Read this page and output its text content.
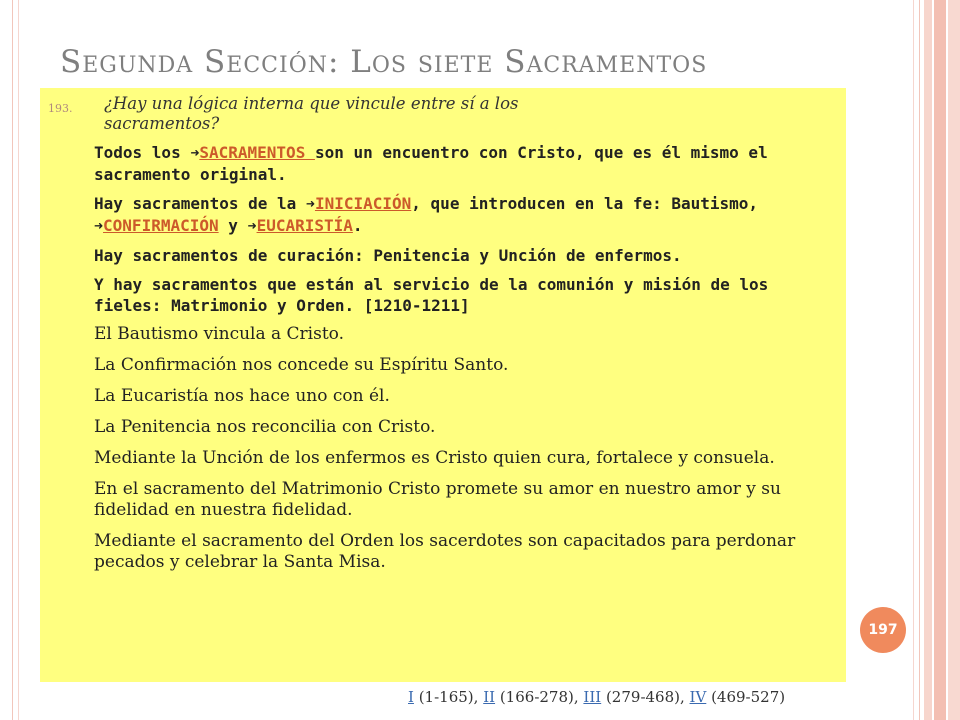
Segunda Sección: Los siete Sacramentos
193. ¿Hay una lógica interna que vincule entre sí a los
sacramentos?

Todos los ➜SACRAMENTOS son un encuentro con Cristo, que es él mismo el sacramento original.

Hay sacramentos de la ➜INICIACIÓN, que introducen en la fe: Bautismo, ➜CONFIRMACIÓN y ➜EUCARISTÍA.

Hay sacramentos de curación: Penitencia y Unción de enfermos.

Y hay sacramentos que están al servicio de la comunión y misión de los fieles: Matrimonio y Orden. [1210-1211]

El Bautismo vincula a Cristo.

La Confirmación nos concede su Espíritu Santo.

La Eucaristía nos hace uno con él.

La Penitencia nos reconcilia con Cristo.

Mediante la Unción de los enfermos es Cristo quien cura, fortalece y consuela.

En el sacramento del Matrimonio Cristo promete su amor en nuestro amor y su fidelidad en nuestra fidelidad.

Mediante el sacramento del Orden los sacerdotes son capacitados para perdonar pecados y celebrar la Santa Misa.

197
I (1-165), II (166-278), III (279-468), IV (469-527)
